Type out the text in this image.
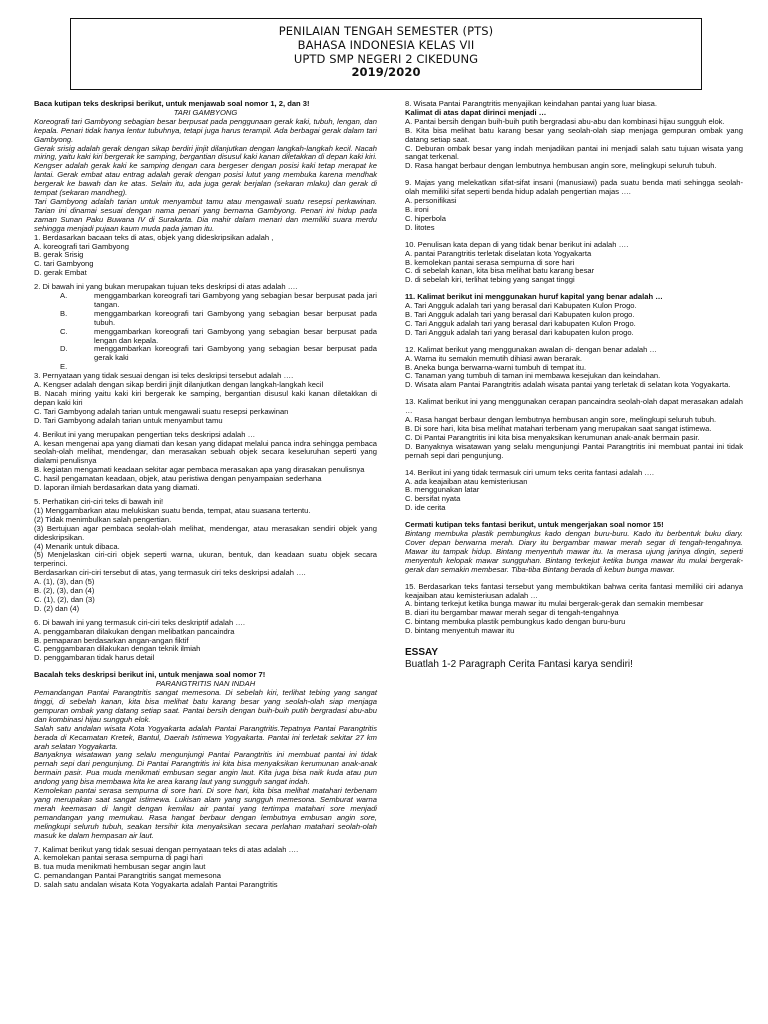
PENILAIAN TENGAH SEMESTER (PTS)
BAHASA INDONESIA KELAS VII
UPTD SMP NEGERI 2 CIKEDUNG
2019/2020

Baca kutipan teks deskripsi berikut, untuk menjawab soal nomor 1, 2, dan 3!

TARI GAMBYONG

Koreografi tari Gambyong sebagian besar berpusat pada penggunaan gerak kaki, tubuh, lengan, dan kepala. Penari tidak hanya lentur tubuhnya, tetapi juga harus terampil. Ada berbagai gerak dalam tari Gambyong.

Gerak srisig adalah gerak dengan sikap berdiri jinjit dilanjutkan dengan langkah-langkah kecil. Nacah miring, yaitu kaki kiri bergerak ke samping, bergantian disusul kaki kanan diletakkan di depan kaki kiri. Kengser adalah gerak kaki ke samping dengan cara bergeser dengan posisi kaki tetap merapat ke lantai. Gerak embat atau entrag adalah gerak dengan posisi lutut yang membuka karena mendhak bergerak ke bawah dan ke atas. Selain itu, ada juga gerak berjalan (sekaran mlaku) dan gerak di tempat (sekaran mandheg).

Tari Gambyong adalah tarian untuk menyambut tamu atau mengawali suatu resepsi perkawinan. Tarian ini dinamai sesuai dengan nama penari yang bernama Gambyong. Penari ini hidup pada zaman Sunan Paku Buwana IV di Surakarta. Dia mahir dalam menari dan memiliki suara merdu sehingga menjadi pujaan kaum muda pada jaman itu.

1. Berdasarkan bacaan teks di atas, objek yang dideskripsikan adalah ,

A. koreografi tari Gambyong

B. gerak Srisig

C. tari Gambyong

D. gerak Embat

2. Di bawah ini yang bukan merupakan tujuan teks deskripsi di atas adalah ….

A.	menggambarkan koreografi tari Gambyong yang sebagian besar berpusat pada jari tangan.
B.	menggambarkan koreografi tari Gambyong yang sebagian besar berpusat pada tubuh.
C.	menggambarkan koreografi tari Gambyong yang sebagian besar berpusat pada lengan dan kepala.
D.	menggambarkan koreografi tari Gambyong yang sebagian besar berpusat pada gerak kaki
E.

3. Pernyataan yang tidak sesuai dengan isi teks deskripsi tersebut adalah ….

A. Kengser adalah dengan sikap berdiri jinjit dilanjutkan dengan langkah-langkah kecil

B. Nacah miring yaitu kaki kiri bergerak ke samping, bergantian disusul kaki kanan diletakkan di depan kaki kiri

C. Tari Gambyong adalah tarian untuk mengawali suatu resepsi perkawinan

D. Tari Gambyong adalah tarian untuk menyambut tamu

4. Berikut ini yang merupakan pengertian teks deskripsi adalah …

A. kesan mengenai apa yang diamati dan kesan yang didapat melalui panca indra sehingga pembaca seolah-olah melihat, mendengar, dan merasakan sebuah objek secara keseluruhan seperti yang dialami penulisnya

B. kegiatan mengamati keadaan sekitar agar pembaca merasakan apa yang dirasakan penulisnya

C. hasil pengamatan keadaan, objek, atau peristiwa dengan penyampaian sederhana

D. laporan ilmiah berdasarkan data yang diamati.

5. Perhatikan ciri-ciri teks di bawah ini!

(1) Menggambarkan atau melukiskan suatu benda, tempat, atau suasana tertentu.

(2) Tidak menimbulkan salah pengertian.

(3) Bertujuan agar pembaca seolah-olah melihat, mendengar, atau merasakan sendiri objek yang dideskripsikan.

(4) Menarik untuk dibaca.

(5) Menjelaskan ciri-ciri objek seperti warna, ukuran, bentuk, dan keadaan suatu objek secara terperinci.

Berdasarkan ciri-ciri tersebut di atas, yang termasuk ciri teks deskripsi adalah ….

A. (1), (3), dan (5)

B. (2), (3), dan (4)

C. (1), (2), dan (3)

D. (2) dan (4)

6. Di bawah ini yang termasuk ciri-ciri teks deskriptif adalah ….

A. penggambaran dilakukan dengan melibatkan pancaindra

B. pemaparan berdasarkan angan-angan fiktif

C. penggambaran dilakukan dengan teknik ilmiah

D. penggambaran tidak harus detail

Bacalah teks deskripsi berikut ini, untuk menjawa soal nomor 7!

PARANGTRITIS NAN INDAH

Pemandangan Pantai Parangtritis sangat memesona. Di sebelah kiri, terlihat tebing yang sangat tinggi, di sebelah kanan, kita bisa melihat batu karang besar yang seolah-olah siap menjaga gempuran ombak yang datang setiap saat. Pantai bersih dengan buih-buih putih bergradasi abu-abu dan kombinasi hijau sungguh elok.

Salah satu andalan wisata Kota Yogyakarta adalah Pantai Parangtritis.Tepatnya Pantai Parangtritis berada di Kecamatan Kretek, Bantul, Daerah Istimewa Yogyakarta. Pantai ini terletak sekitar 27 km arah selatan Yogyakarta.

Banyaknya wisatawan yang selalu mengunjungi Pantai Parangtritis ini membuat pantai ini tidak pernah sepi dari pengunjung. Di Pantai Parangtritis ini kita bisa menyaksikan kerumunan anak-anak bermain pasir. Pua muda menikmati embusan segar angin laut. Kita juga bisa naik kuda atau pun andong yang bisa membawa kita ke area karang laut yang sungguh sangat indah.

Kemolekan pantai serasa sempurna di sore hari. Di sore hari, kita bisa melihat matahari terbenam yang merupakan saat sangat istimewa. Lukisan alam yang sungguh memesona. Semburat warna merah keemasan di langit dengan kemilau air pantai yang tertimpa matahari sore menjadi pemandangan yang memukau. Rasa hangat berbaur dengan lembutnya embusan angin sore, melingkupi seluruh tubuh, seakan tersihir kita menyaksikan secara perlahan matahari seolah-olah masuk ke dalam hempasan air laut.

7. Kalimat berikut yang tidak sesuai dengan pernyataan teks di atas adalah ….

A. kemolekan pantai serasa sempurna di pagi hari

B. tua muda menikmati hembusan segar angin laut

C. pemandangan Pantai Parangtritis sangat memesona

D. salah satu andalan wisata Kota Yogyakarta adalah Pantai Parangtritis

8. Wisata Pantai Parangtritis menyajikan keindahan pantai yang luar biasa.

Kalimat di atas dapat dirinci menjadi …

A. Pantai bersih dengan buih-buih putih bergradasi abu-abu dan kombinasi hijau sungguh elok.

B. Kita bisa melihat batu karang besar yang seolah-olah siap menjaga gempuran ombak yang datang setiap saat.

C. Deburan ombak besar yang indah menjadikan pantai ini menjadi salah satu tujuan wisata yang sangat terkenal.

D. Rasa hangat berbaur dengan lembutnya hembusan angin sore, melingkupi seluruh tubuh.

9. Majas yang melekatkan sifat-sifat insani (manusiawi) pada suatu benda mati sehingga seolah-olah memiliki sifat seperti benda hidup adalah pengertian majas ….

A. personifikasi

B. ironi

C. hiperbola

D. litotes

10. Penulisan kata depan di yang tidak benar berikut ini adalah ….

A. pantai Parangtritis terletak diselatan kota Yogyakarta

B. kemolekan pantai serasa sempurna di sore hari

C. di sebelah kanan, kita bisa melihat batu karang besar

D. di sebelah kiri, terlihat tebing yang sangat tinggi

11. Kalimat berikut ini menggunakan huruf kapital yang benar adalah …

A. Tari Angguk adalah tari yang berasal dari Kabupaten Kulon Progo.

B. Tari Angguk adalah tari yang berasal dari Kabupaten kulon progo.

C. Tari Angguk adalah tari yang berasal dari kabupaten Kulon Progo.

D. Tari Angguk adalah tari yang berasal dari kabupaten kulon progo.

12. Kalimat berikut yang menggunakan awalan di- dengan benar adalah …

A. Warna itu semakin memutih dihiasi awan berarak.

B. Aneka bunga berwarna-warni tumbuh di tempat itu.

C. Tanaman yang tumbuh di taman ini membawa kesejukan dan keindahan.

D. Wisata alam Pantai Parangtritis adalah wisata pantai yang terletak di selatan kota Yogyakarta.

13. Kalimat berikut ini yang menggunakan cerapan pancaindra seolah-olah dapat merasakan adalah …

A. Rasa hangat berbaur dengan lembutnya hembusan angin sore, melingkupi seluruh tubuh.

B. Di sore hari, kita bisa melihat matahari terbenam yang merupakan saat sangat istimewa.

C. Di Pantai Parangtritis ini kita bisa menyaksikan kerumunan anak-anak bermain pasir.

D. Banyaknya wisatawan yang selalu mengunjungi Pantai Parangtritis ini membuat pantai ini tidak pernah sepi dari pengunjung.

14. Berikut ini yang tidak termasuk ciri umum teks cerita fantasi adalah ….

A. ada keajaiban atau kemisteriusan

B. menggunakan latar

C. bersifat nyata

D. ide cerita

Cermati kutipan teks fantasi berikut, untuk mengerjakan soal nomor 15!

Bintang membuka plastik pembungkus kado dengan buru-buru. Kado itu berbentuk buku diary. Cover depan berwarna merah. Diary itu bergambar mawar merah segar di tengah-tengahnya. Mawar itu tampak hidup. Bintang menyentuh mawar itu. Ia merasa ujung jarinya dingin, seperti menyentuh kelopak mawar sungguhan. Bintang terkejut ketika bunga mawar itu mulai bergerak-gerak dan semakin membesar. Tiba-tiba Bintang berada di kebun bunga mawar.

15. Berdasarkan teks fantasi tersebut yang membuktikan bahwa cerita fantasi memiliki ciri adanya keajaiban atau kemisteriusan adalah …

A. bintang terkejut ketika bunga mawar itu mulai bergerak-gerak dan semakin membesar

B. diari itu bergambar mawar merah segar di tengah-tengahnya

C. bintang membuka plastik pembungkus kado dengan buru-buru

D. bintang menyentuh mawar itu

ESSAY

Buatlah 1-2 Paragraph Cerita Fantasi karya sendiri!
